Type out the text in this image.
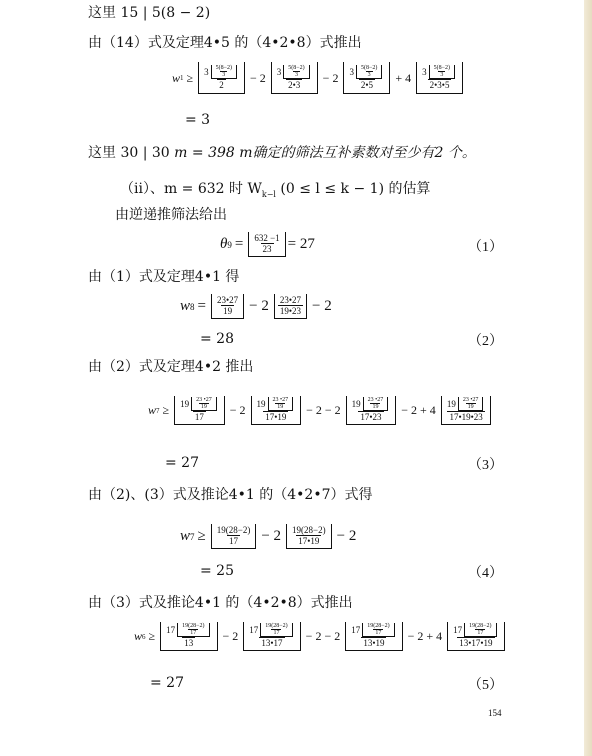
这里 15 | 5(8 − 2)
由（14）式及定理4•5 的（4•2•8）式推出
w $1 \ge 3 \frac{5(8-2)}{3}$
2 − 2 $3 \frac{5(8-2)}{3}$
2•3 − 2 $3 \frac{5(8-2)}{3}$
2•5 + 4 $3 \frac{5(8-2)}{3}$
2•3•5
= 3
这里 30 | 30 m = 398 m确定的筛法互补素数对至少有2 个。
（ii）、m = 632 时 $W_{k-l}$ (0 ≤ l ≤ k − 1) 的估算
由逆递推筛法给出
θ 9 = 632 −1
23 = 27	（1）
由（1）式及定理4•1 得
w 8 = 23•27
19 − 2 23•27
19•23 − 2
= 28	（2）
由（2）式及定理4•2 推出
w $7 \ge 19 \frac{23 •27}{19}$
17 − 2 $19 \frac{23 •27}{19}$
17•19 − 2 − 2 $19 \frac{23 •27}{19}$
17•23 − 2 + 4 $19 \frac{23 •27}{19}$
17•19•23
= 27	（3）
由（2)、(3）式及推论4•1 的（4•2•7）式得
w 7 ≥ 19(28−2)
17 − 2 19(28−2)
17•19 − 2
= 25	（4）
由（3）式及推论4•1 的（4•2•8）式推出
w $6 \ge 17 \frac{19(28-2)}{17}$
13 − 2 $17 \frac{19(28-2)}{17}$
13•17 − 2 − 2 $17 \frac{19(28-2)}{17}$
13•19 − 2 + 4 $17 \frac{19(28-2)}{17}$
13•17•19
= 27	（5）
154
